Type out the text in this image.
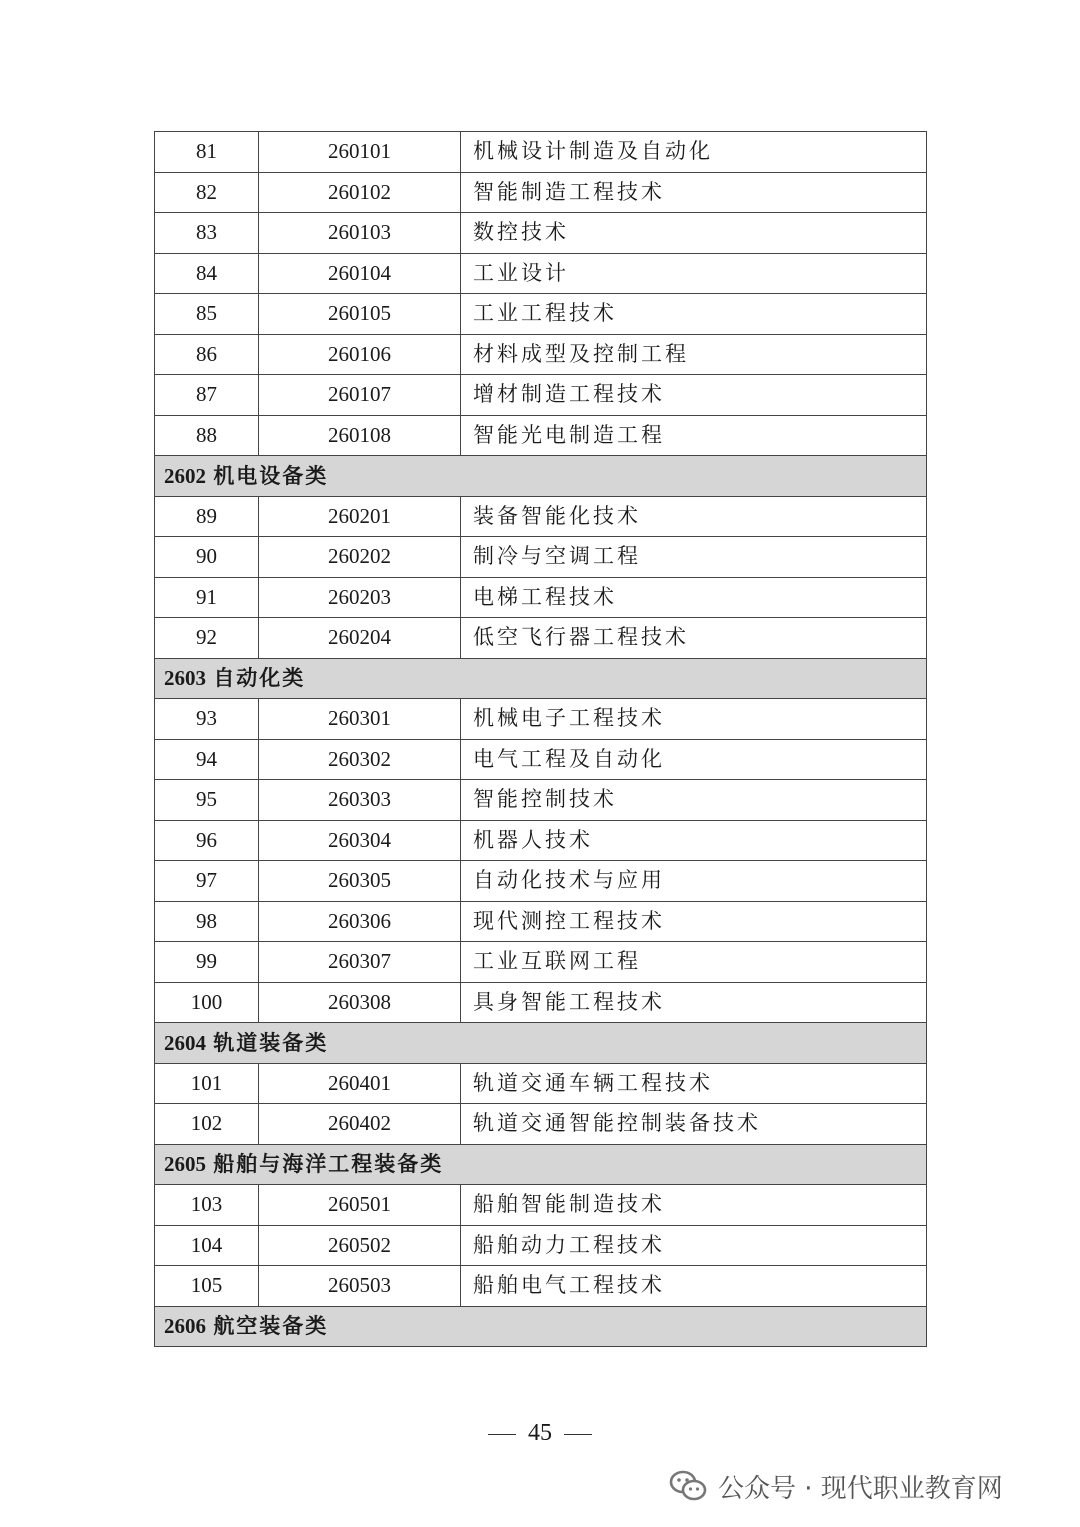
81	260101	机械设计制造及自动化
82	260102	智能制造工程技术
83	260103	数控技术
84	260104	工业设计
85	260105	工业工程技术
86	260106	材料成型及控制工程
87	260107	增材制造工程技术
88	260108	智能光电制造工程
2602 机电设备类		
89	260201	装备智能化技术
90	260202	制冷与空调工程
91	260203	电梯工程技术
92	260204	低空飞行器工程技术
2603 自动化类		
93	260301	机械电子工程技术
94	260302	电气工程及自动化
95	260303	智能控制技术
96	260304	机器人技术
97	260305	自动化技术与应用
98	260306	现代测控工程技术
99	260307	工业互联网工程
100	260308	具身智能工程技术
2604 轨道装备类		
101	260401	轨道交通车辆工程技术
102	260402	轨道交通智能控制装备技术
2605 船舶与海洋工程装备类		
103	260501	船舶智能制造技术
104	260502	船舶动力工程技术
105	260503	船舶电气工程技术
2606 航空装备类		
45
公众号 · 现代职业教育网
